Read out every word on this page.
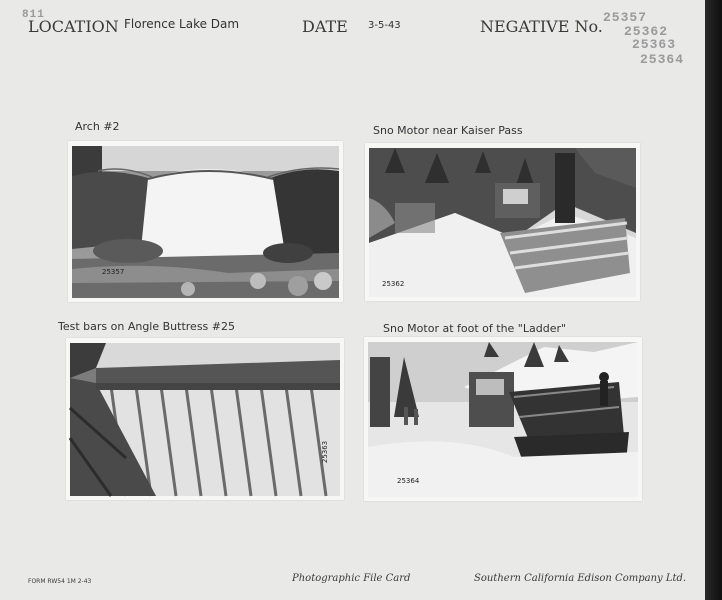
811
LOCATION Florence Lake Dam	DATE 3-5-43	NEGATIVE No. 25357
25362
25363
25364
Arch #2	Sno Motor near Kaiser Pass
Test bars on Angle Buttress #25	Sno Motor at foot of the "Ladder"
25357
25362
25363
25364
FORM RW54 1M 2-43	Photographic File Card	Southern California Edison Company Ltd.
